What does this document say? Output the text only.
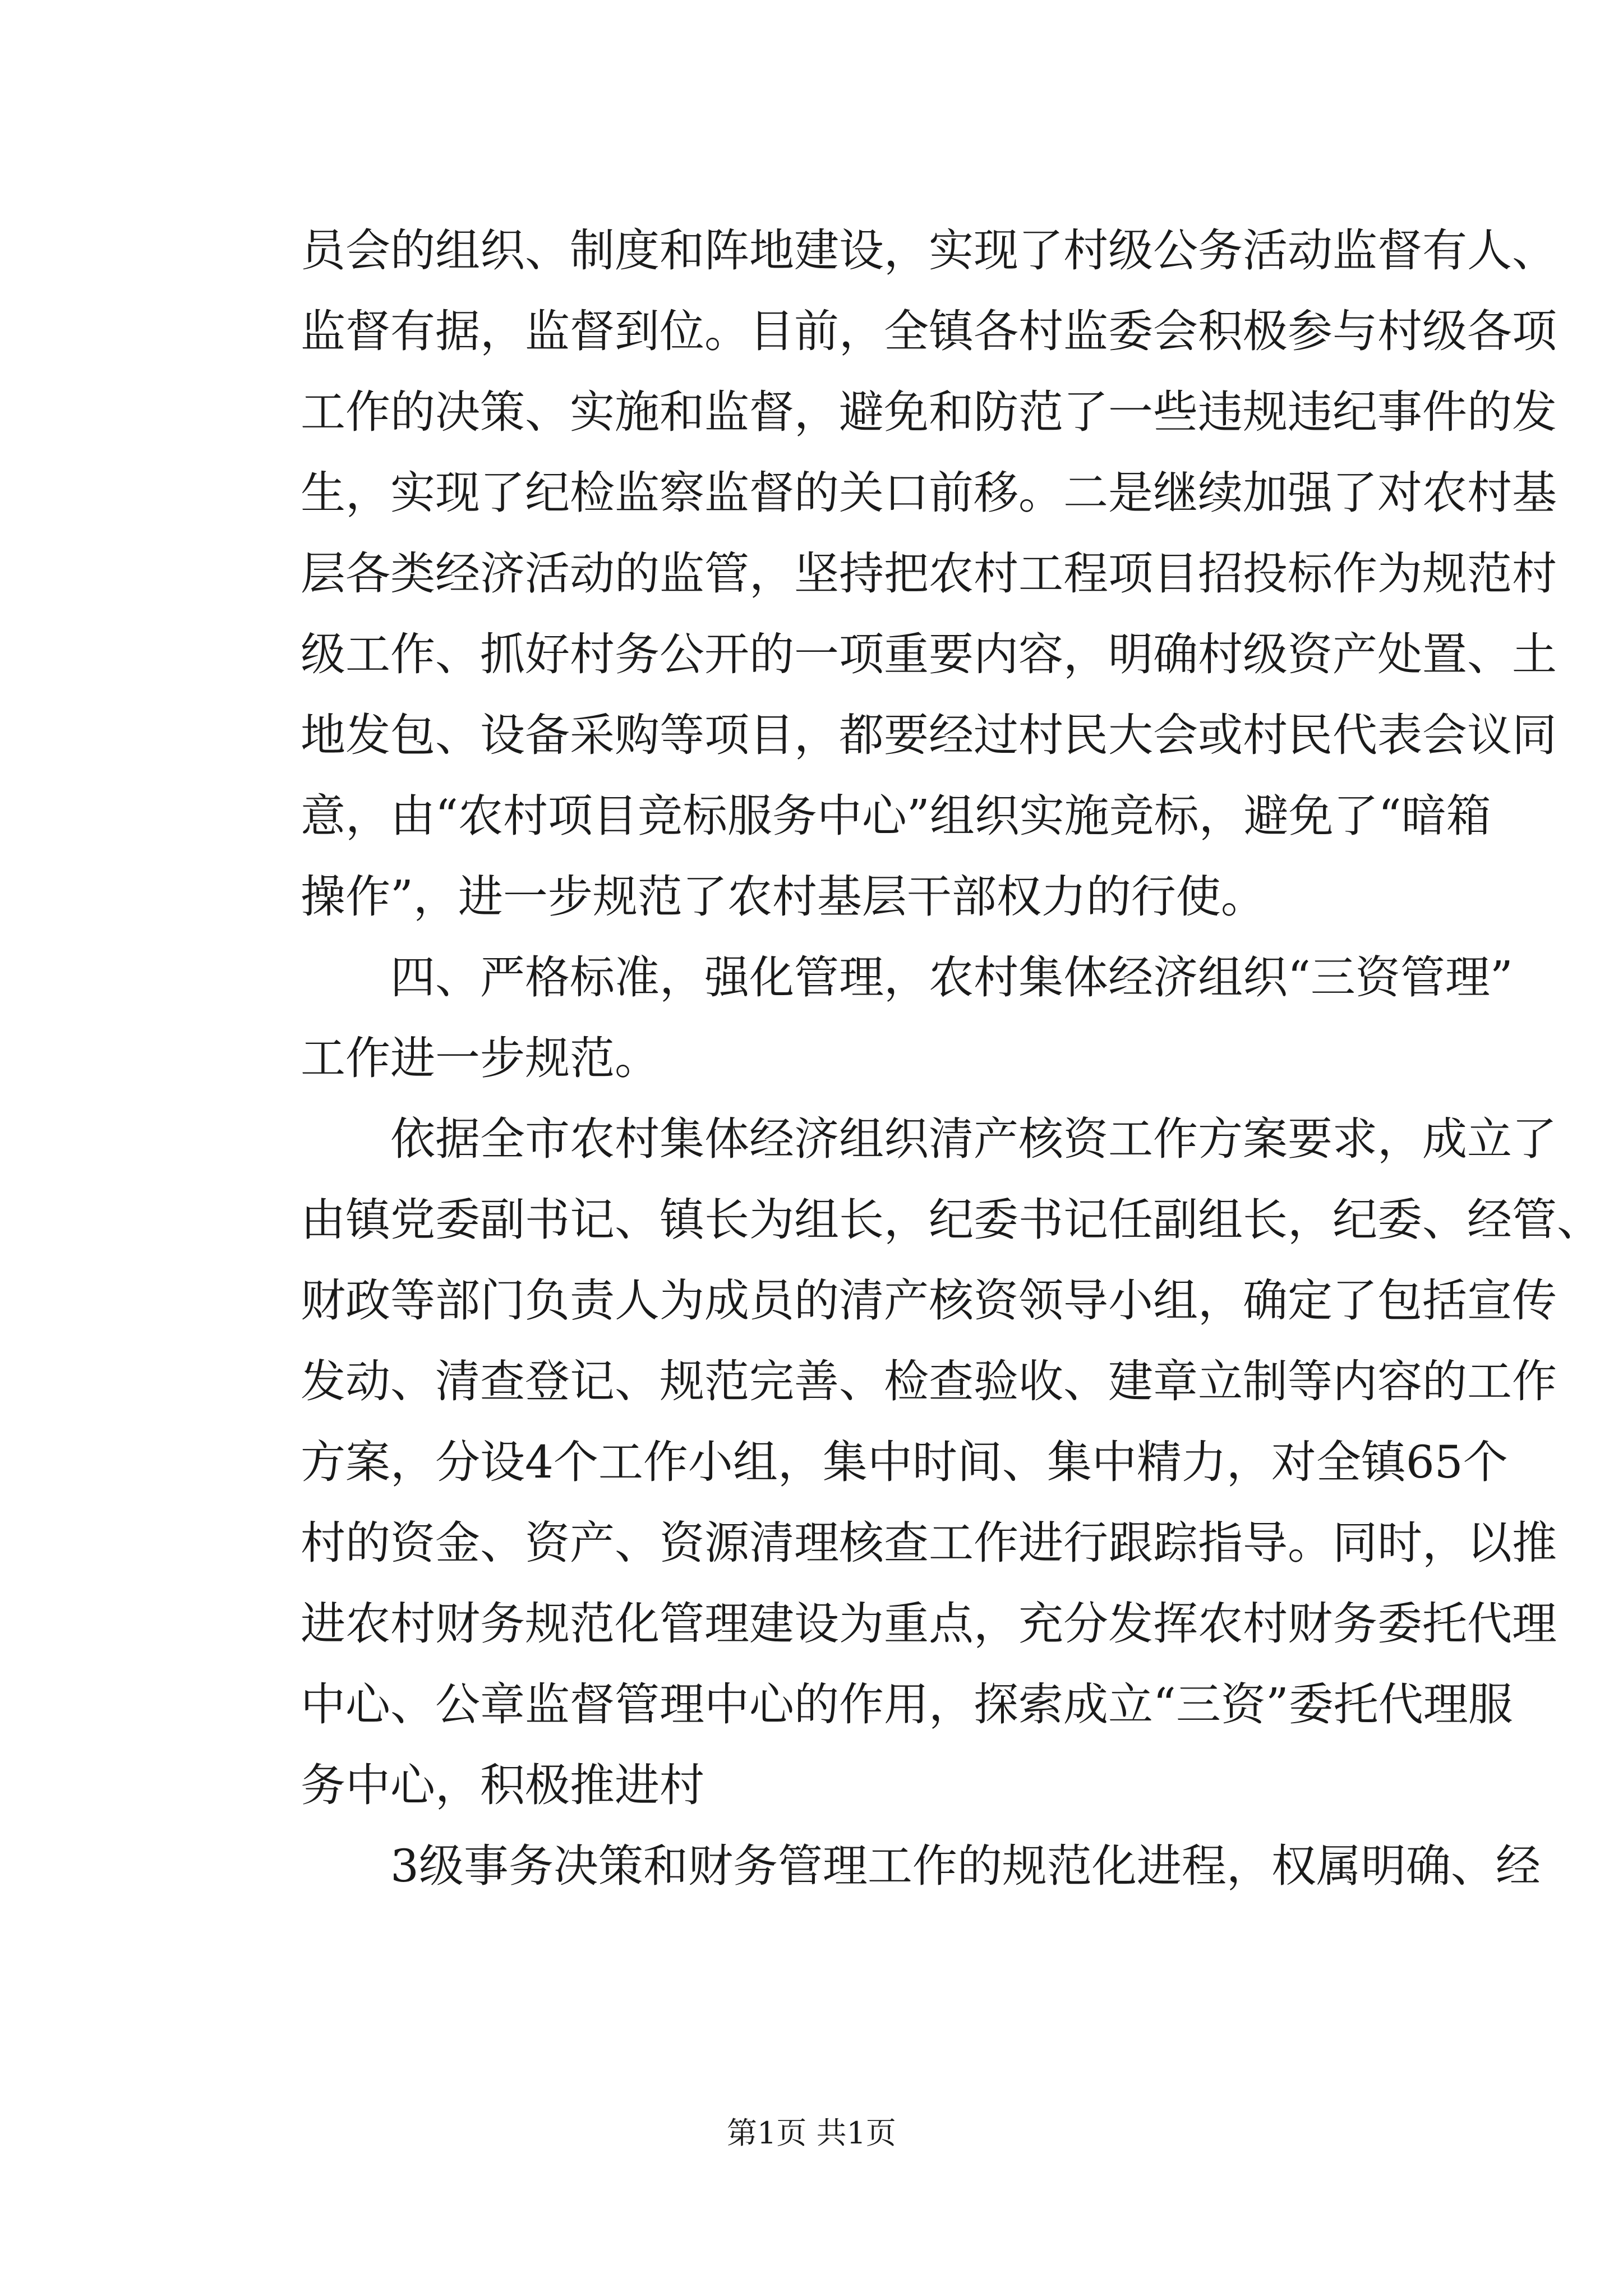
员会的组织、制度和阵地建设，实现了村级公务活动监督有人、
监督有据，监督到位。目前，全镇各村监委会积极参与村级各项
工作的决策、实施和监督，避免和防范了一些违规违纪事件的发
生，实现了纪检监察监督的关口前移。二是继续加强了对农村基
层各类经济活动的监管，坚持把农村工程项目招投标作为规范村
级工作、抓好村务公开的一项重要内容，明确村级资产处置、土
地发包、设备采购等项目，都要经过村民大会或村民代表会议同
意，由“农村项目竞标服务中心”组织实施竞标，避免了“暗箱
操作”，进一步规范了农村基层干部权力的行使。
四、严格标准，强化管理，农村集体经济组织“三资管理”
工作进一步规范。
依据全市农村集体经济组织清产核资工作方案要求，成立了
由镇党委副书记、镇长为组长，纪委书记任副组长，纪委、经管、
财政等部门负责人为成员的清产核资领导小组，确定了包括宣传
发动、清查登记、规范完善、检查验收、建章立制等内容的工作
方案，分设4个工作小组，集中时间、集中精力，对全镇65个
村的资金、资产、资源清理核查工作进行跟踪指导。同时，以推
进农村财务规范化管理建设为重点，充分发挥农村财务委托代理
中心、公章监督管理中心的作用，探索成立“三资”委托代理服
务中心，积极推进村
3级事务决策和财务管理工作的规范化进程，权属明确、经
第1页 共1页
